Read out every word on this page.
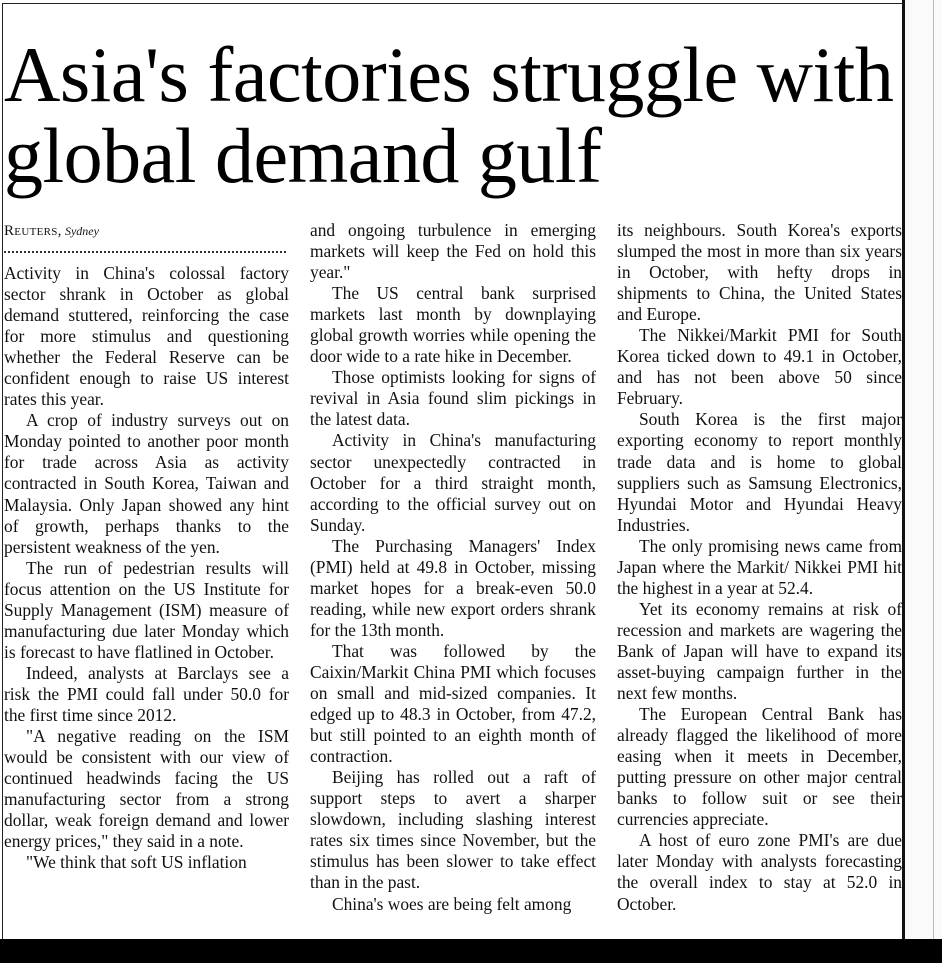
Asia's factories struggle with global demand gulf
Reuters, Sydney

Activity in China's colossal factory sector shrank in October as global demand stuttered, reinforcing the case for more stimulus and questioning whether the Federal Reserve can be confident enough to raise US interest rates this year.

A crop of industry surveys out on Monday pointed to another poor month for trade across Asia as activity contracted in South Korea, Taiwan and Malaysia. Only Japan showed any hint of growth, perhaps thanks to the persistent weakness of the yen.

The run of pedestrian results will focus attention on the US Institute for Supply Management (ISM) measure of manufacturing due later Monday which is forecast to have flatlined in October.

Indeed, analysts at Barclays see a risk the PMI could fall under 50.0 for the first time since 2012.

"A negative reading on the ISM would be consistent with our view of continued headwinds facing the US manufacturing sector from a strong dollar, weak foreign demand and lower energy prices," they said in a note.

"We think that soft US inflation

and ongoing turbulence in emerging markets will keep the Fed on hold this year."

The US central bank surprised markets last month by downplaying global growth worries while opening the door wide to a rate hike in December.

Those optimists looking for signs of revival in Asia found slim pickings in the latest data.

Activity in China's manufacturing sector unexpectedly contracted in October for a third straight month, according to the official survey out on Sunday.

The Purchasing Managers' Index (PMI) held at 49.8 in October, missing market hopes for a break-even 50.0 reading, while new export orders shrank for the 13th month.

That was followed by the Caixin/Markit China PMI which focuses on small and mid-sized companies. It edged up to 48.3 in October, from 47.2, but still pointed to an eighth month of contraction.

Beijing has rolled out a raft of support steps to avert a sharper slowdown, including slashing interest rates six times since November, but the stimulus has been slower to take effect than in the past.

China's woes are being felt among

its neighbours. South Korea's exports slumped the most in more than six years in October, with hefty drops in shipments to China, the United States and Europe.

The Nikkei/Markit PMI for South Korea ticked down to 49.1 in October, and has not been above 50 since February.

South Korea is the first major exporting economy to report monthly trade data and is home to global suppliers such as Samsung Electronics, Hyundai Motor and Hyundai Heavy Industries.

The only promising news came from Japan where the Markit/ Nikkei PMI hit the highest in a year at 52.4.

Yet its economy remains at risk of recession and markets are wagering the Bank of Japan will have to expand its asset-buying campaign further in the next few months.

The European Central Bank has already flagged the likelihood of more easing when it meets in December, putting pressure on other major central banks to follow suit or see their currencies appreciate.

A host of euro zone PMI's are due later Monday with analysts forecasting the overall index to stay at 52.0 in October.
